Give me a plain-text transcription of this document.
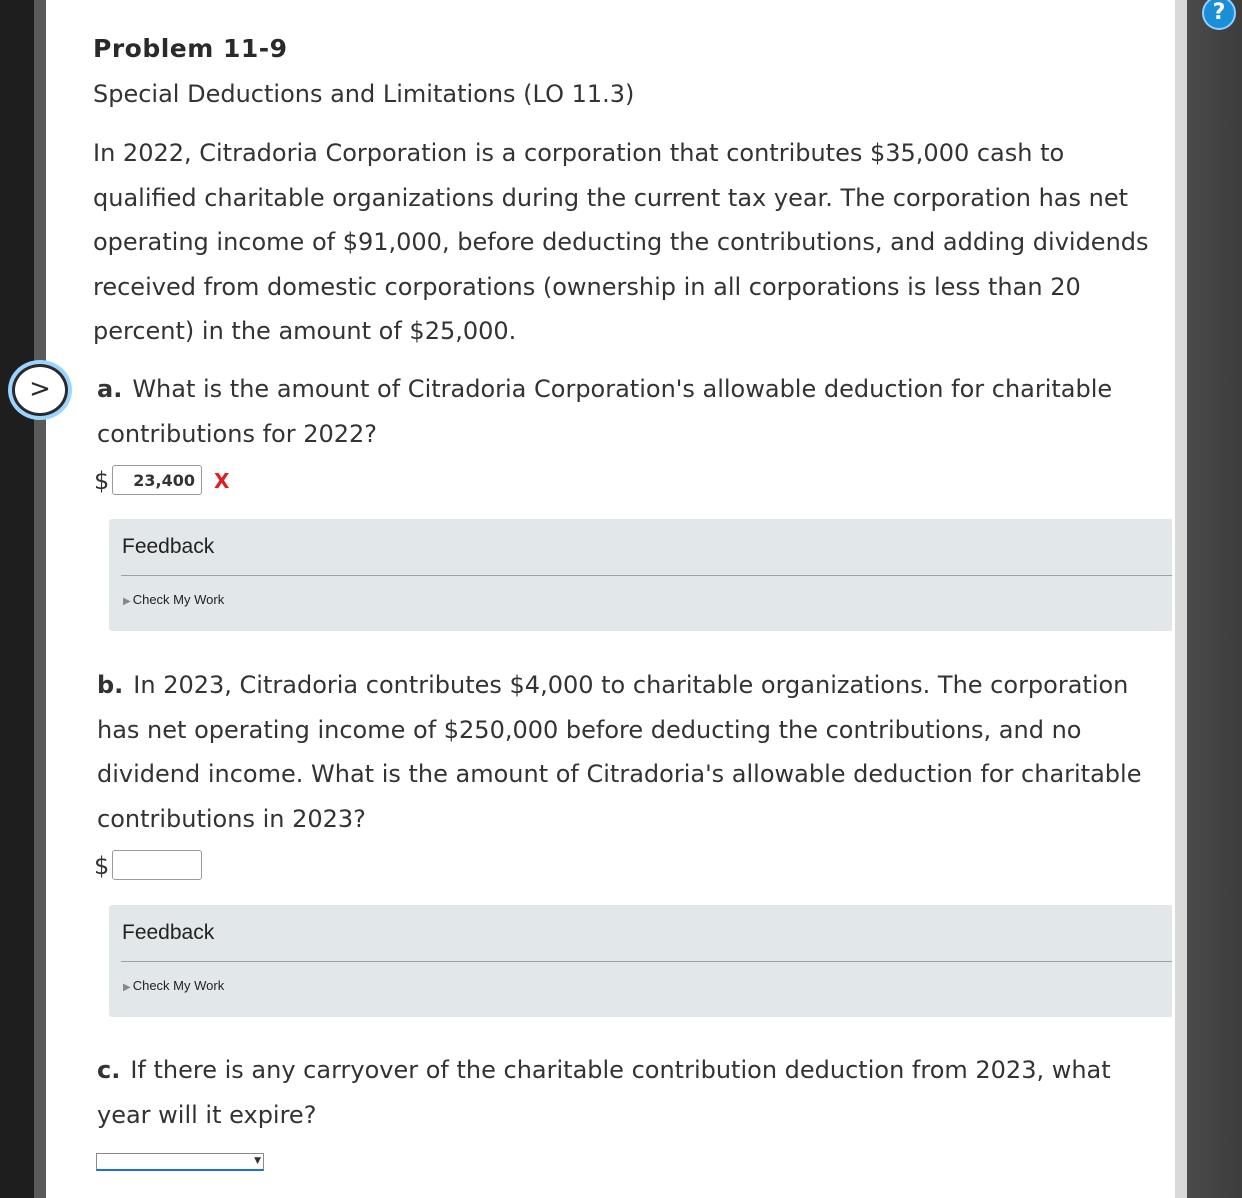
?
Problem 11-9
Special Deductions and Limitations (LO 11.3)
In 2022, Citradoria Corporation is a corporation that contributes $35,000 cash to qualified charitable organizations during the current tax year. The corporation has net operating income of $91,000, before deducting the contributions, and adding dividends received from domestic corporations (ownership in all corporations is less than 20 percent) in the amount of $25,000.
>	a. What is the amount of Citradoria Corporation's allowable deduction for charitable contributions for 2022?
$
23,400	X
Feedback
▶ Check My Work
b. In 2023, Citradoria contributes $4,000 to charitable organizations. The corporation has net operating income of $250,000 before deducting the contributions, and no dividend income. What is the amount of Citradoria's allowable deduction for charitable contributions in 2023?
$
Feedback
▶ Check My Work
c. If there is any carryover of the charitable contribution deduction from 2023, what year will it expire?
▼
